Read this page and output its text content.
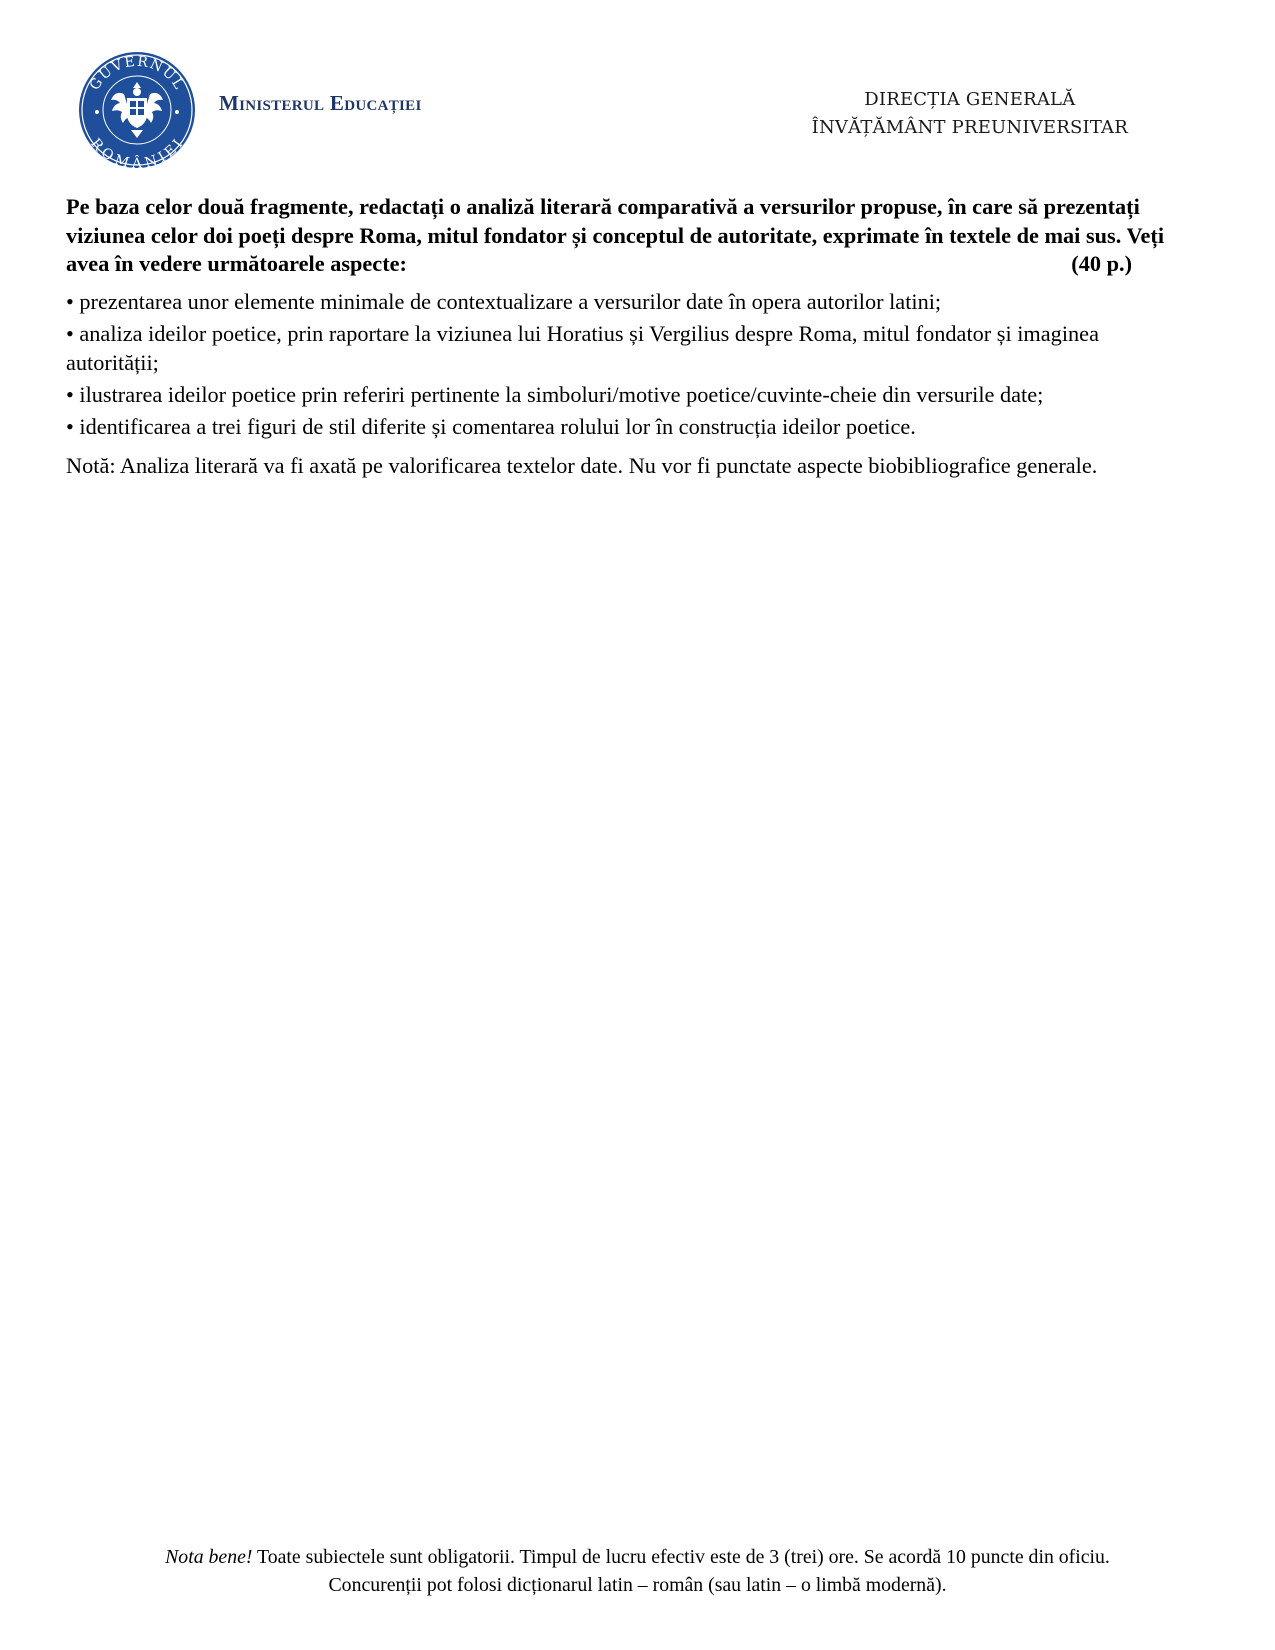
GUVERNUL
ROMÂNIEI
Ministerul Educației	DIRECȚIA GENERALĂ
ÎNVĂȚĂMÂNT PREUNIVERSITAR

Pe baza celor două fragmente, redactați o analiză literară comparativă a versurilor propuse, în care să prezentați viziunea celor doi poeți despre Roma, mitul fondator și conceptul de autoritate, exprimate în textele de mai sus. Veți avea în vedere următoarele aspecte:	(40 p.)

• prezentarea unor elemente minimale de contextualizare a versurilor date în opera autorilor latini;
• analiza ideilor poetice, prin raportare la viziunea lui Horatius și Vergilius despre Roma, mitul fondator și imaginea autorității;
• ilustrarea ideilor poetice prin referiri pertinente la simboluri/motive poetice/cuvinte-cheie din versurile date;
• identificarea a trei figuri de stil diferite și comentarea rolului lor în construcția ideilor poetice.

Notă: Analiza literară va fi axată pe valorificarea textelor date. Nu vor fi punctate aspecte biobibliografice generale.

Nota bene! Toate subiectele sunt obligatorii. Timpul de lucru efectiv este de 3 (trei) ore. Se acordă 10 puncte din oficiu.
Concurenții pot folosi dicționarul latin – român (sau latin – o limbă modernă).
